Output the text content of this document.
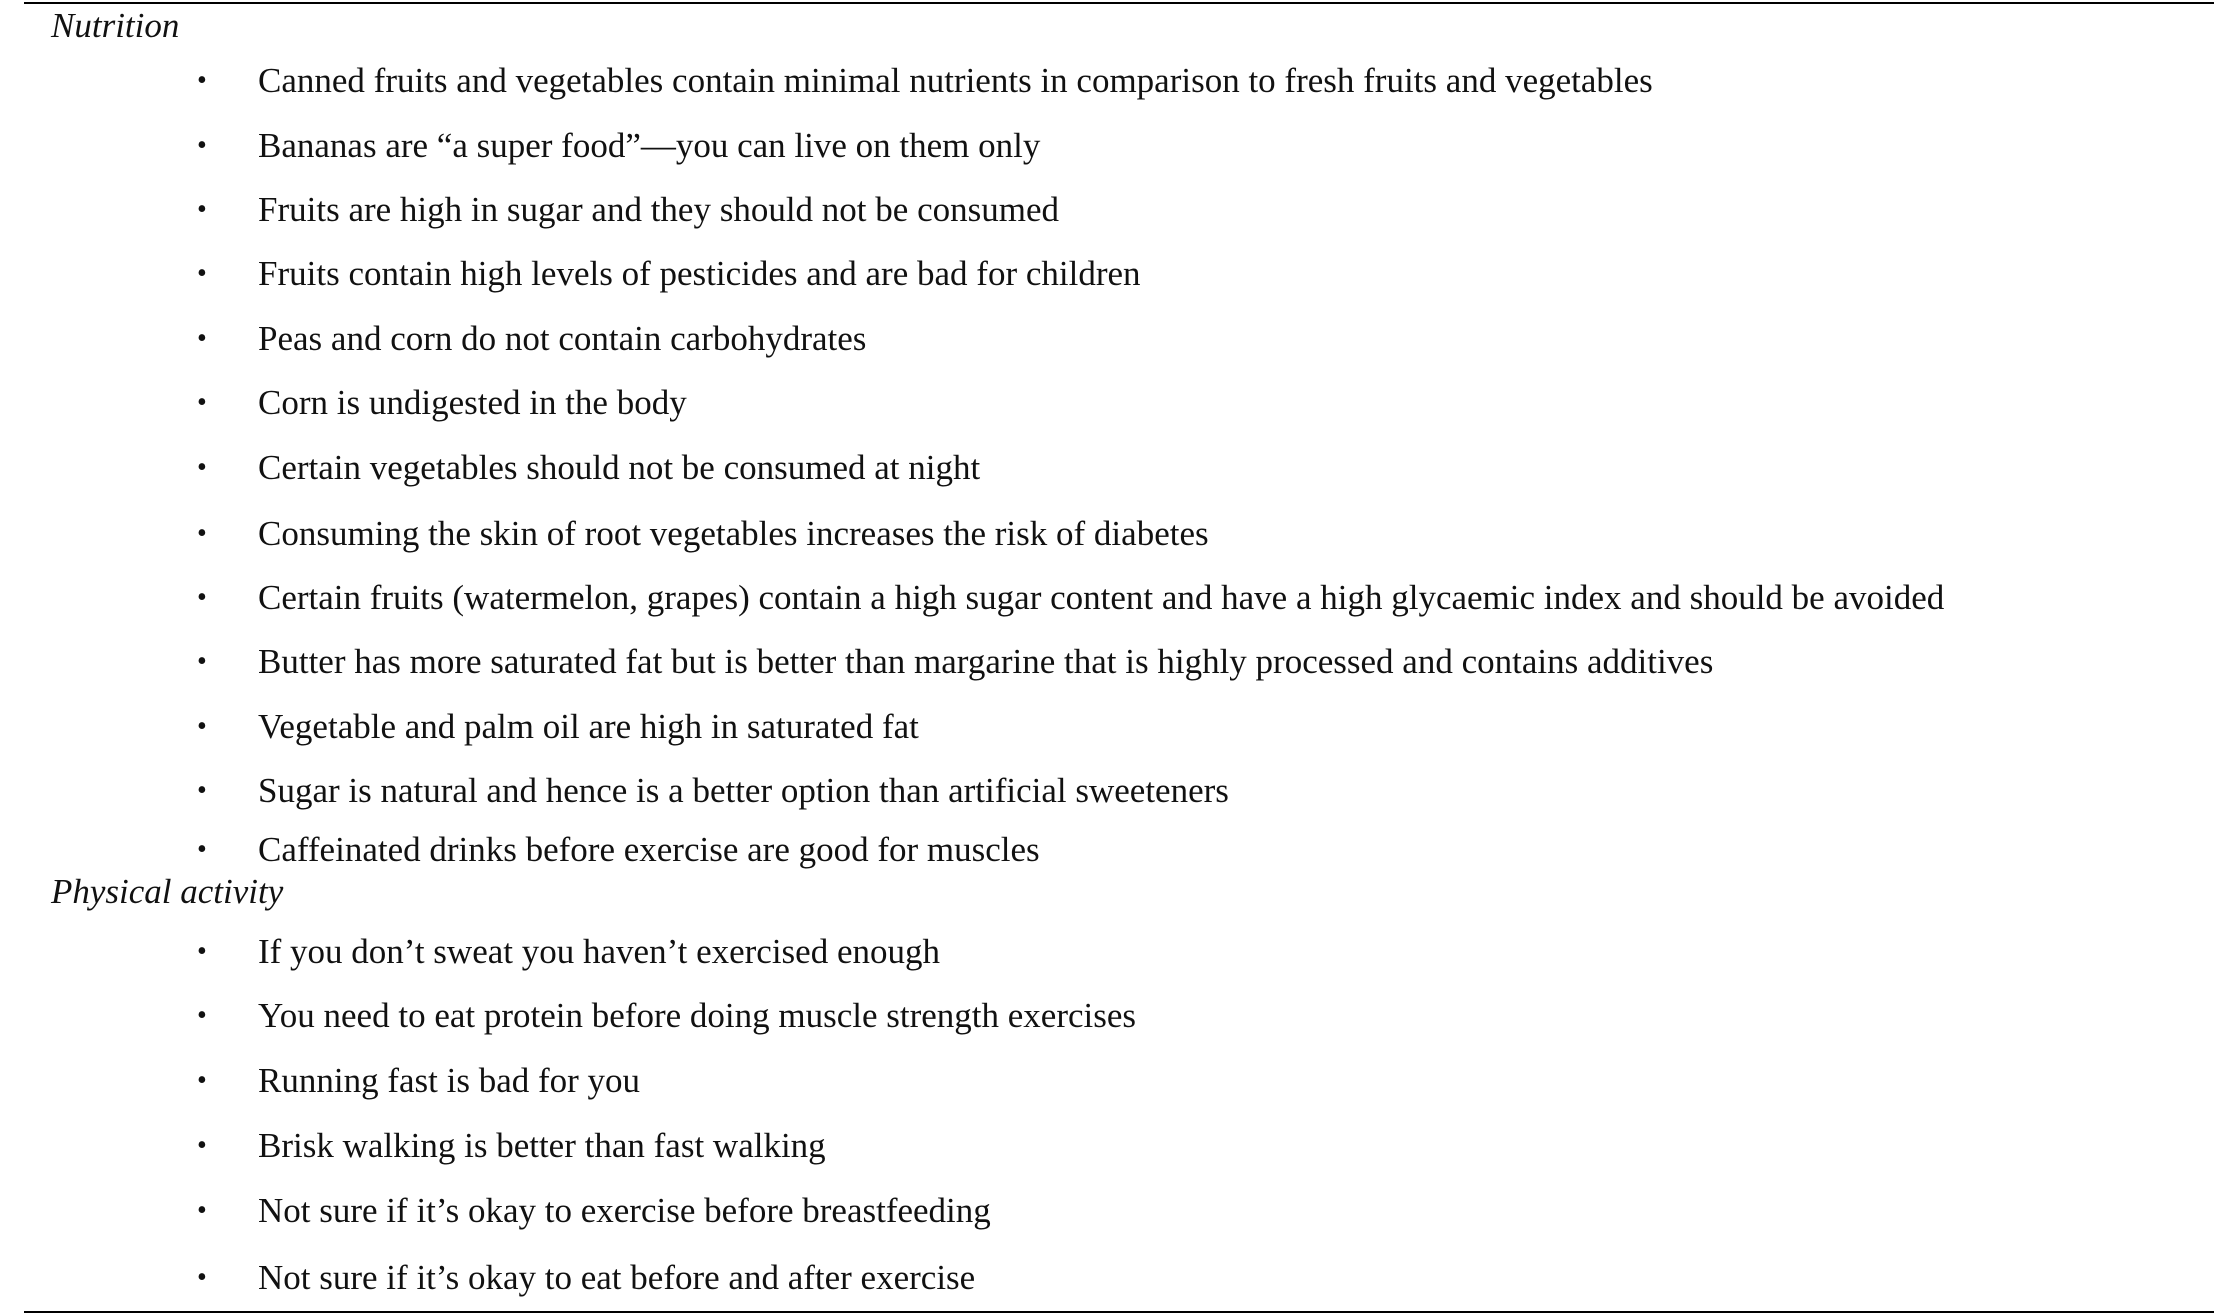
Nutrition
• Canned fruits and vegetables contain minimal nutrients in comparison to fresh fruits and vegetables
• Bananas are “a super food”—you can live on them only
• Fruits are high in sugar and they should not be consumed
• Fruits contain high levels of pesticides and are bad for children
• Peas and corn do not contain carbohydrates
• Corn is undigested in the body
• Certain vegetables should not be consumed at night
• Consuming the skin of root vegetables increases the risk of diabetes
• Certain fruits (watermelon, grapes) contain a high sugar content and have a high glycaemic index and should be avoided
• Butter has more saturated fat but is better than margarine that is highly processed and contains additives
• Vegetable and palm oil are high in saturated fat
• Sugar is natural and hence is a better option than artificial sweeteners
• Caffeinated drinks before exercise are good for muscles
Physical activity
• If you don’t sweat you haven’t exercised enough
• You need to eat protein before doing muscle strength exercises
• Running fast is bad for you
• Brisk walking is better than fast walking
• Not sure if it’s okay to exercise before breastfeeding
• Not sure if it’s okay to eat before and after exercise
